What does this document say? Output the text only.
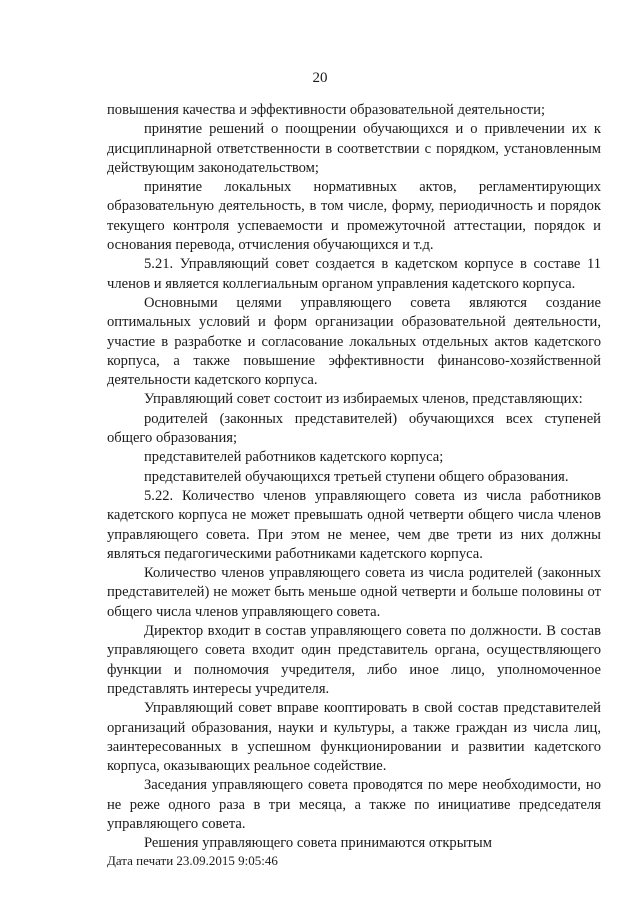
20

повышения качества и эффективности образовательной деятельности;

принятие решений о поощрении обучающихся и о привлечении их к дисциплинарной ответственности в соответствии с порядком, установленным действующим законодательством;

принятие локальных нормативных актов, регламентирующих образовательную деятельность, в том числе, форму, периодичность и порядок текущего контроля успеваемости и промежуточной аттестации, порядок и основания перевода, отчисления обучающихся и т.д.

5.21. Управляющий совет создается в кадетском корпусе в составе 11 членов и является коллегиальным органом управления кадетского корпуса.

Основными целями управляющего совета являются создание оптимальных условий и форм организации образовательной деятельности, участие в разработке и согласование локальных отдельных актов кадетского корпуса, а также повышение эффективности финансово-хозяйственной деятельности кадетского корпуса.

Управляющий совет состоит из избираемых членов, представляющих:

родителей (законных представителей) обучающихся всех ступеней общего образования;

представителей работников кадетского корпуса;

представителей обучающихся третьей ступени общего образования.

5.22. Количество членов управляющего совета из числа работников кадетского корпуса не может превышать одной четверти общего числа членов управляющего совета. При этом не менее, чем две трети из них должны являться педагогическими работниками кадетского корпуса.

Количество членов управляющего совета из числа родителей (законных представителей) не может быть меньше одной четверти и больше половины от общего числа членов управляющего совета.

Директор входит в состав управляющего совета по должности. В состав управляющего совета входит один представитель органа, осуществляющего функции и полномочия учредителя, либо иное лицо, уполномоченное представлять интересы учредителя.

Управляющий совет вправе кооптировать в свой состав представителей организаций образования, науки и культуры, а также граждан из числа лиц, заинтересованных в успешном функционировании и развитии кадетского корпуса, оказывающих реальное содействие.

Заседания управляющего совета проводятся по мере необходимости, но не реже одного раза в три месяца, а также по инициативе председателя управляющего совета.

Решения управляющего совета принимаются открытым

Дата печати 23.09.2015 9:05:46
